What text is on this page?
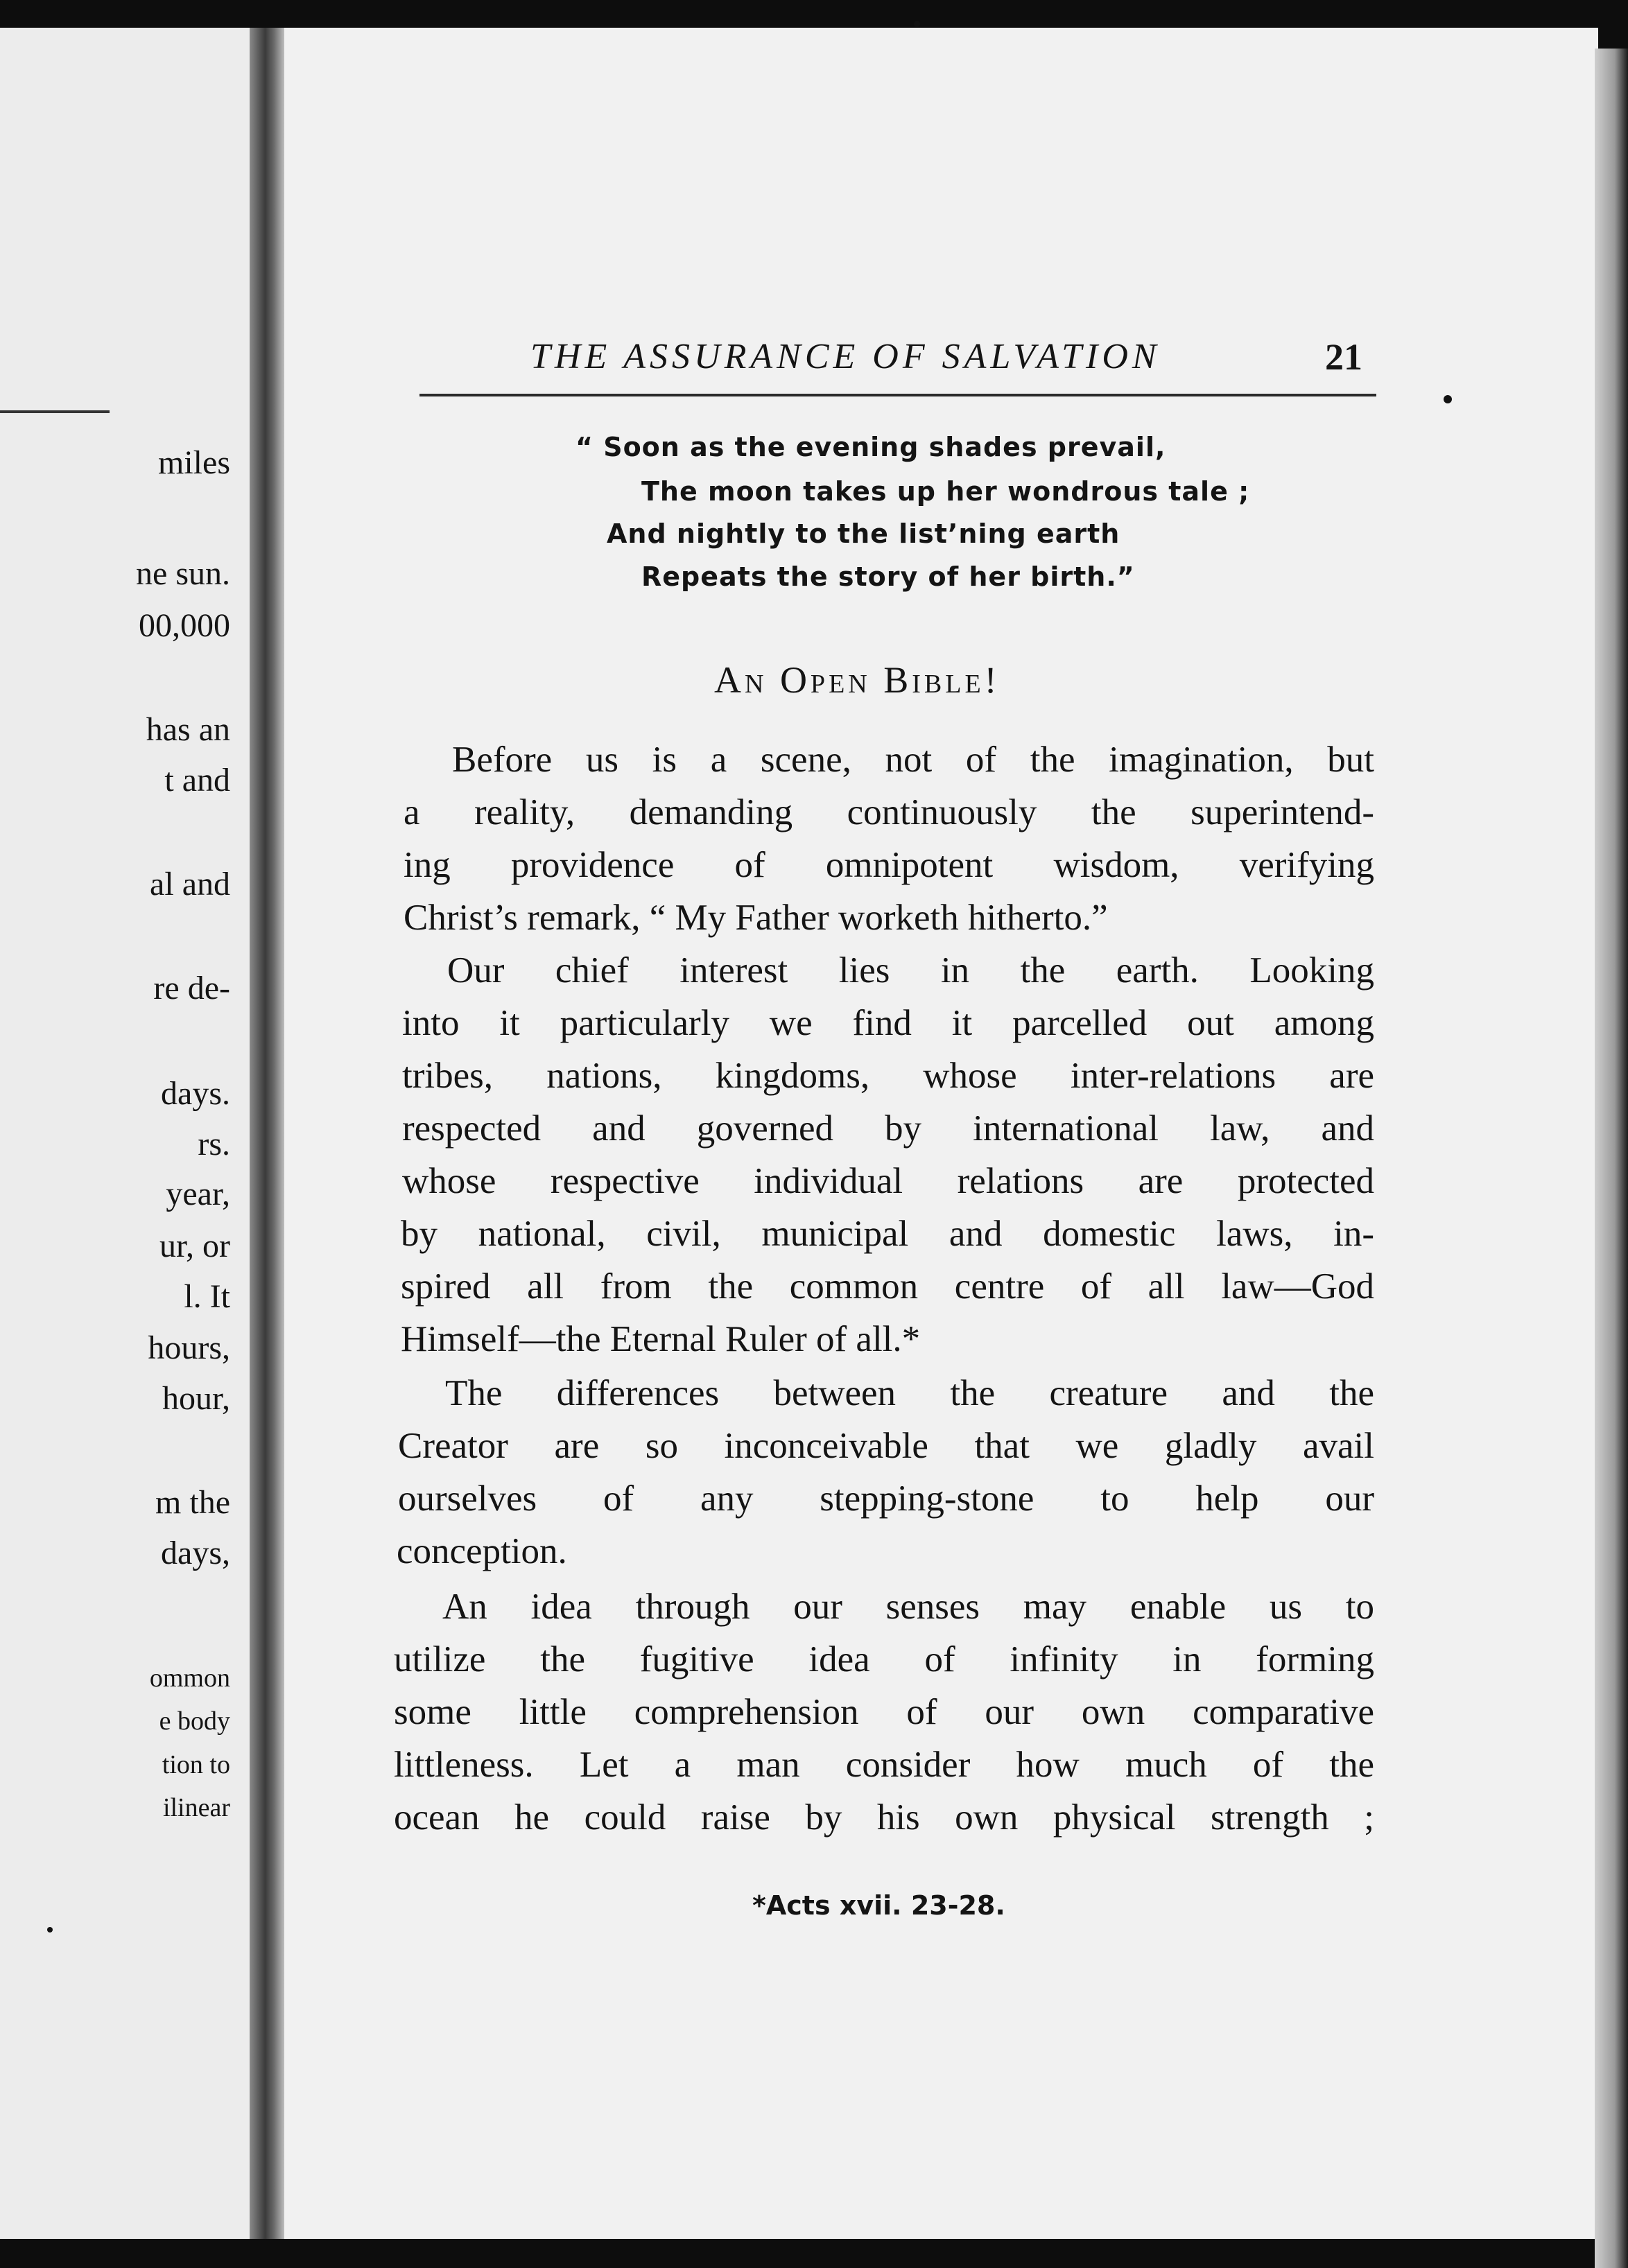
miles
ne sun.
00,000
has an
t and
al and
re de-
days.
rs.
year,
ur, or
l. It
hours,
hour,
m the
days,
ommon
e body
tion to
ilinear
THE ASSURANCE OF SALVATION	21
“ Soon as the evening shades prevail,
The moon takes up her wondrous tale ;
And nightly to the list’ning earth
Repeats the story of her birth.”
An Open Bible!
Before us is a scene, not of the imagination, but
a reality, demanding continuously the superintend-
ing providence of omnipotent wisdom, verifying
Christ’s remark, “ My Father worketh hitherto.”
Our chief interest lies in the earth. Looking
into it particularly we find it parcelled out among
tribes, nations, kingdoms, whose inter-relations are
respected and governed by international law, and
whose respective individual relations are protected
by national, civil, municipal and domestic laws, in-
spired all from the common centre of all law—God
Himself—the Eternal Ruler of all.*
The differences between the creature and the
Creator are so inconceivable that we gladly avail
ourselves of any stepping-stone to help our
conception.
An idea through our senses may enable us to
utilize the fugitive idea of infinity in forming
some little comprehension of our own comparative
littleness. Let a man consider how much of the
ocean he could raise by his own physical strength ;
*Acts xvii. 23-28.
